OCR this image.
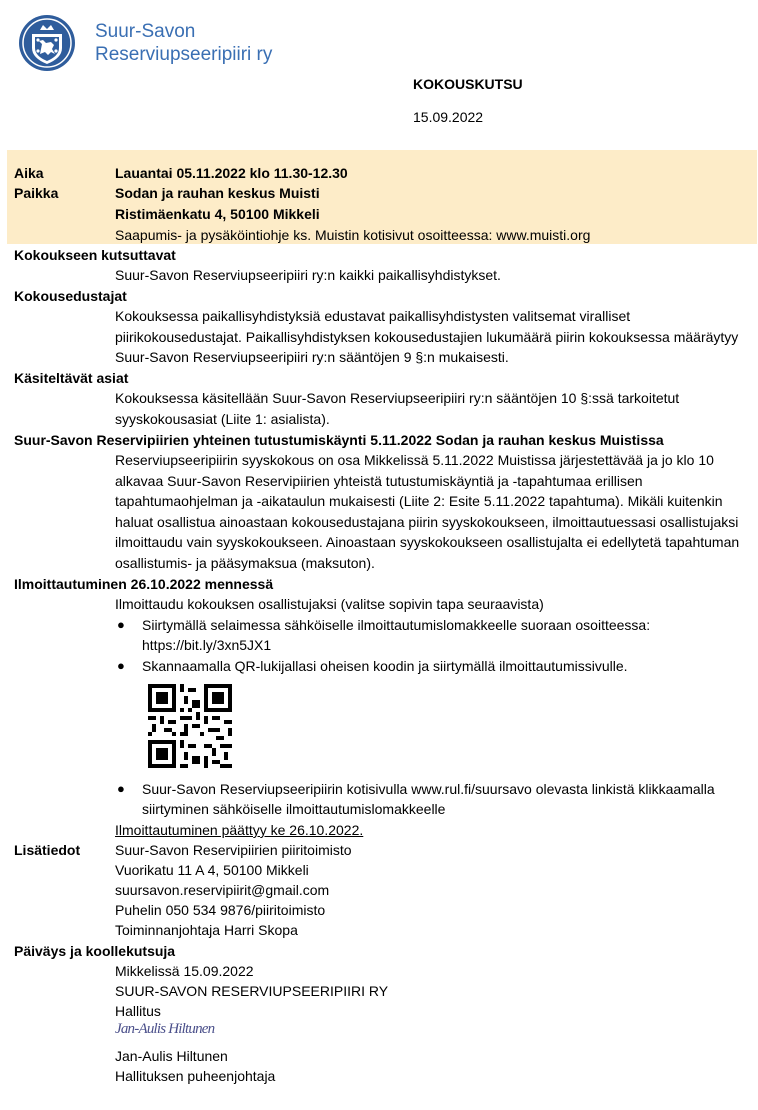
Suur-Savon
Reserviupseeripiiri ry
KOKOUSKUTSU
15.09.2022
Aika	Lauantai 05.11.2022 klo 11.30-12.30
Paikka	Sodan ja rauhan keskus Muisti
Ristimäenkatu 4, 50100 Mikkeli
Saapumis- ja pysäköintiohje ks. Muistin kotisivut osoitteessa: www.muisti.org
Kokoukseen kutsuttavat
Suur-Savon Reserviupseeripiiri ry:n kaikki paikallisyhdistykset.
Kokousedustajat
Kokouksessa paikallisyhdistyksiä edustavat paikallisyhdistysten valitsemat viralliset piirikokousedustajat. Paikallisyhdistyksen kokousedustajien lukumäärä piirin kokouksessa määräytyy Suur-Savon Reserviupseeripiiri ry:n sääntöjen 9 §:n mukaisesti.
Käsiteltävät asiat
Kokouksessa käsitellään Suur-Savon Reserviupseeripiiri ry:n sääntöjen 10 §:ssä tarkoitetut syyskokousasiat (Liite 1: asialista).
Suur-Savon Reservipiirien yhteinen tutustumiskäynti 5.11.2022 Sodan ja rauhan keskus Muistissa
Reserviupseeripiirin syyskokous on osa Mikkelissä 5.11.2022 Muistissa järjestettävää ja jo klo 10 alkavaa Suur-Savon Reservipiirien yhteistä tutustumiskäyntiä ja -tapahtumaa erillisen tapahtumaohjelman ja -aikataulun mukaisesti (Liite 2: Esite 5.11.2022 tapahtuma). Mikäli kuitenkin haluat osallistua ainoastaan kokousedustajana piirin syyskokoukseen, ilmoittautuessasi osallistujaksi ilmoittaudu vain syyskokoukseen. Ainoastaan syyskokoukseen osallistujalta ei edellytetä tapahtuman osallistumis- ja pääsymaksua (maksuton).
Ilmoittautuminen 26.10.2022 mennessä
Ilmoittaudu kokouksen osallistujaksi (valitse sopivin tapa seuraavista)
● Siirtymällä selaimessa sähköiselle ilmoittautumislomakkeelle suoraan osoitteessa: https://bit.ly/3xn5JX1
● Skannaamalla QR-lukijallasi oheisen koodin ja siirtymällä ilmoittautumissivulle.
● Suur-Savon Reserviupseeripiirin kotisivulla www.rul.fi/suursavo olevasta linkistä klikkaamalla siirtyminen sähköiselle ilmoittautumislomakkeelle
Ilmoittautuminen päättyy ke 26.10.2022.
Lisätiedot Suur-Savon Reservipiirien piiritoimisto
Vuorikatu 11 A 4, 50100 Mikkeli
suursavon.reservipiirit@gmail.com
Puhelin 050 534 9876/piiritoimisto
Toiminnanjohtaja Harri Skopa
Päiväys ja koollekutsuja
Mikkelissä 15.09.2022
SUUR-SAVON RESERVIUPSEERIPIIRI RY
Hallitus
Jan-Aulis Hiltunen
Jan-Aulis Hiltunen
Hallituksen puheenjohtaja
